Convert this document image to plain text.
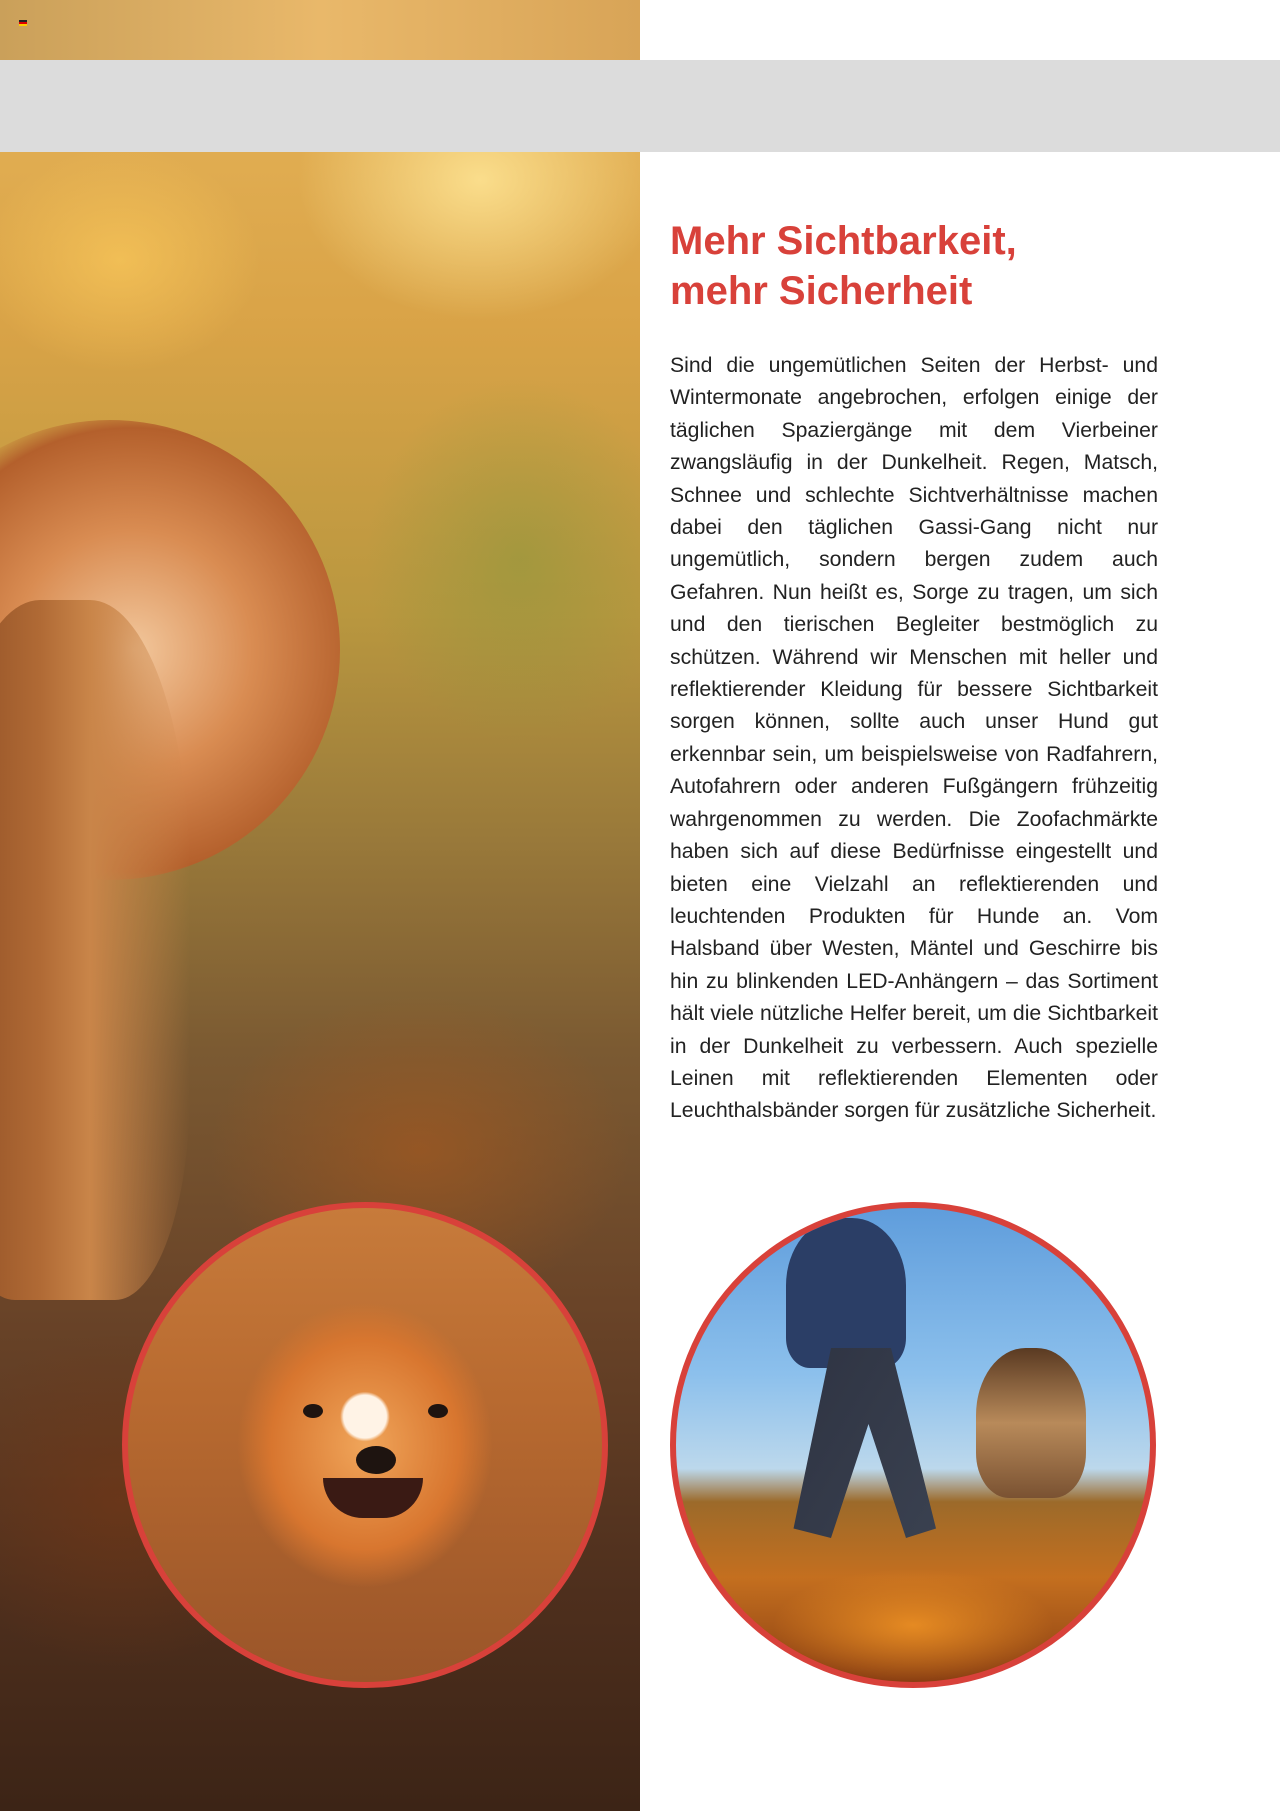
Mehr Sichtbarkeit,
mehr Sicherheit

Sind die ungemütlichen Seiten der Herbst- und Wintermonate angebrochen, erfolgen einige der täglichen Spaziergänge mit dem Vierbeiner zwangsläufig in der Dunkelheit. Regen, Matsch, Schnee und schlechte Sichtverhältnisse machen dabei den täglichen Gassi-Gang nicht nur ungemütlich, sondern bergen zudem auch Gefahren. Nun heißt es, Sorge zu tragen, um sich und den tierischen Begleiter bestmöglich zu schützen. Während wir Menschen mit heller und reflektierender Kleidung für bessere Sichtbarkeit sorgen können, sollte auch unser Hund gut erkennbar sein, um beispielsweise von Radfahrern, Autofahrern oder anderen Fußgängern frühzeitig wahrgenommen zu werden. Die Zoofachmärkte haben sich auf diese Bedürfnisse eingestellt und bieten eine Vielzahl an reflektierenden und leuchtenden Produkten für Hunde an. Vom Halsband über Westen, Mäntel und Geschirre bis hin zu blinkenden LED-Anhängern – das Sortiment hält viele nützliche Helfer bereit, um die Sichtbarkeit in der Dunkelheit zu verbessern. Auch spezielle Leinen mit reflektierenden Elementen oder Leuchthalsbänder sorgen für zusätzliche Sicherheit.
